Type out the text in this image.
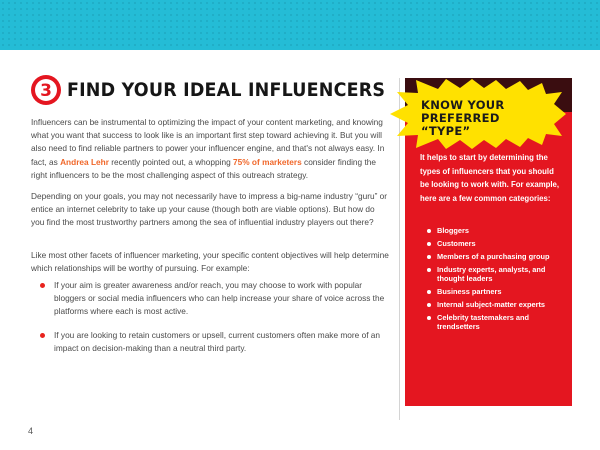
3 FIND YOUR IDEAL INFLUENCERS
Influencers can be instrumental to optimizing the impact of your content marketing, and knowing what you want that success to look like is an important first step toward achieving it. But you will also need to find reliable partners to power your influencer engine, and that's not always easy. In fact, as Andrea Lehr recently pointed out, a whopping 75% of marketers consider finding the right influencers to be the most challenging aspect of this outreach strategy.
Depending on your goals, you may not necessarily have to impress a big-name industry “guru” or entice an internet celebrity to take up your cause (though both are viable options). But how do you find the most trustworthy partners among the sea of influential industry players out there?
Like most other facets of influencer marketing, your specific content objectives will help determine which relationships will be worthy of pursuing. For example:
If your aim is greater awareness and/or reach, you may choose to work with popular bloggers or social media influencers who can help increase your share of voice across the platforms where each is most active.
If you are looking to retain customers or upsell, current customers often make more of an impact on decision-making than a neutral third party.
4
KNOW YOUR PREFERRED “TYPE”
It helps to start by determining the types of influencers that you should be looking to work with. For example, here are a few common categories:
Bloggers
Customers
Members of a purchasing group
Industry experts, analysts, and thought leaders
Business partners
Internal subject-matter experts
Celebrity tastemakers and trendsetters
